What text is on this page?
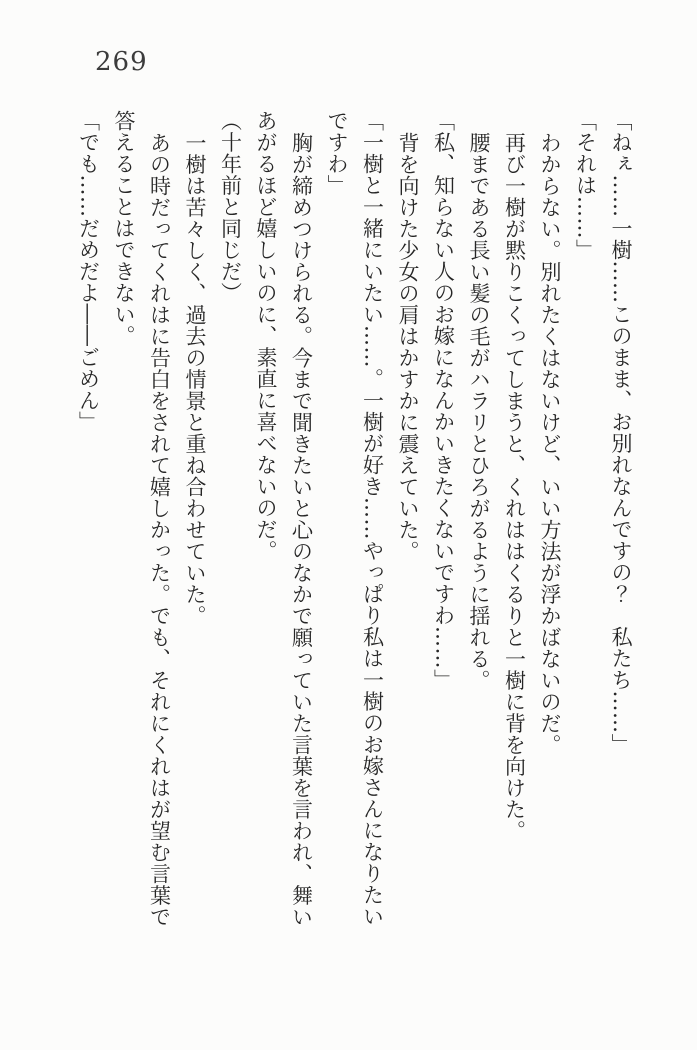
269
「ねぇ……一樹……このまま、お別れなんですの？　私たち……」
「それは……」
わからない。別れたくはないけど、いい方法が浮かばないのだ。
再び一樹が黙りこくってしまうと、くれははくるりと一樹に背を向けた。
腰まである長い髪の毛がハラリとひろがるように揺れる。
「私、知らない人のお嫁になんかいきたくないですわ……」
背を向けた少女の肩はかすかに震えていた。
「一樹と一緒にいたい……。一樹が好き……やっぱり私は一樹のお嫁さんになりたい
ですわ」
胸が締めつけられる。今まで聞きたいと心のなかで願っていた言葉を言われ、舞い
あがるほど嬉しいのに、素直に喜べないのだ。
（十年前と同じだ）
一樹は苦々しく、過去の情景と重ね合わせていた。
あの時だってくれはに告白をされて嬉しかった。でも、それにくれはが望む言葉で
答えることはできない。
「でも……だめだよ――ごめん」
